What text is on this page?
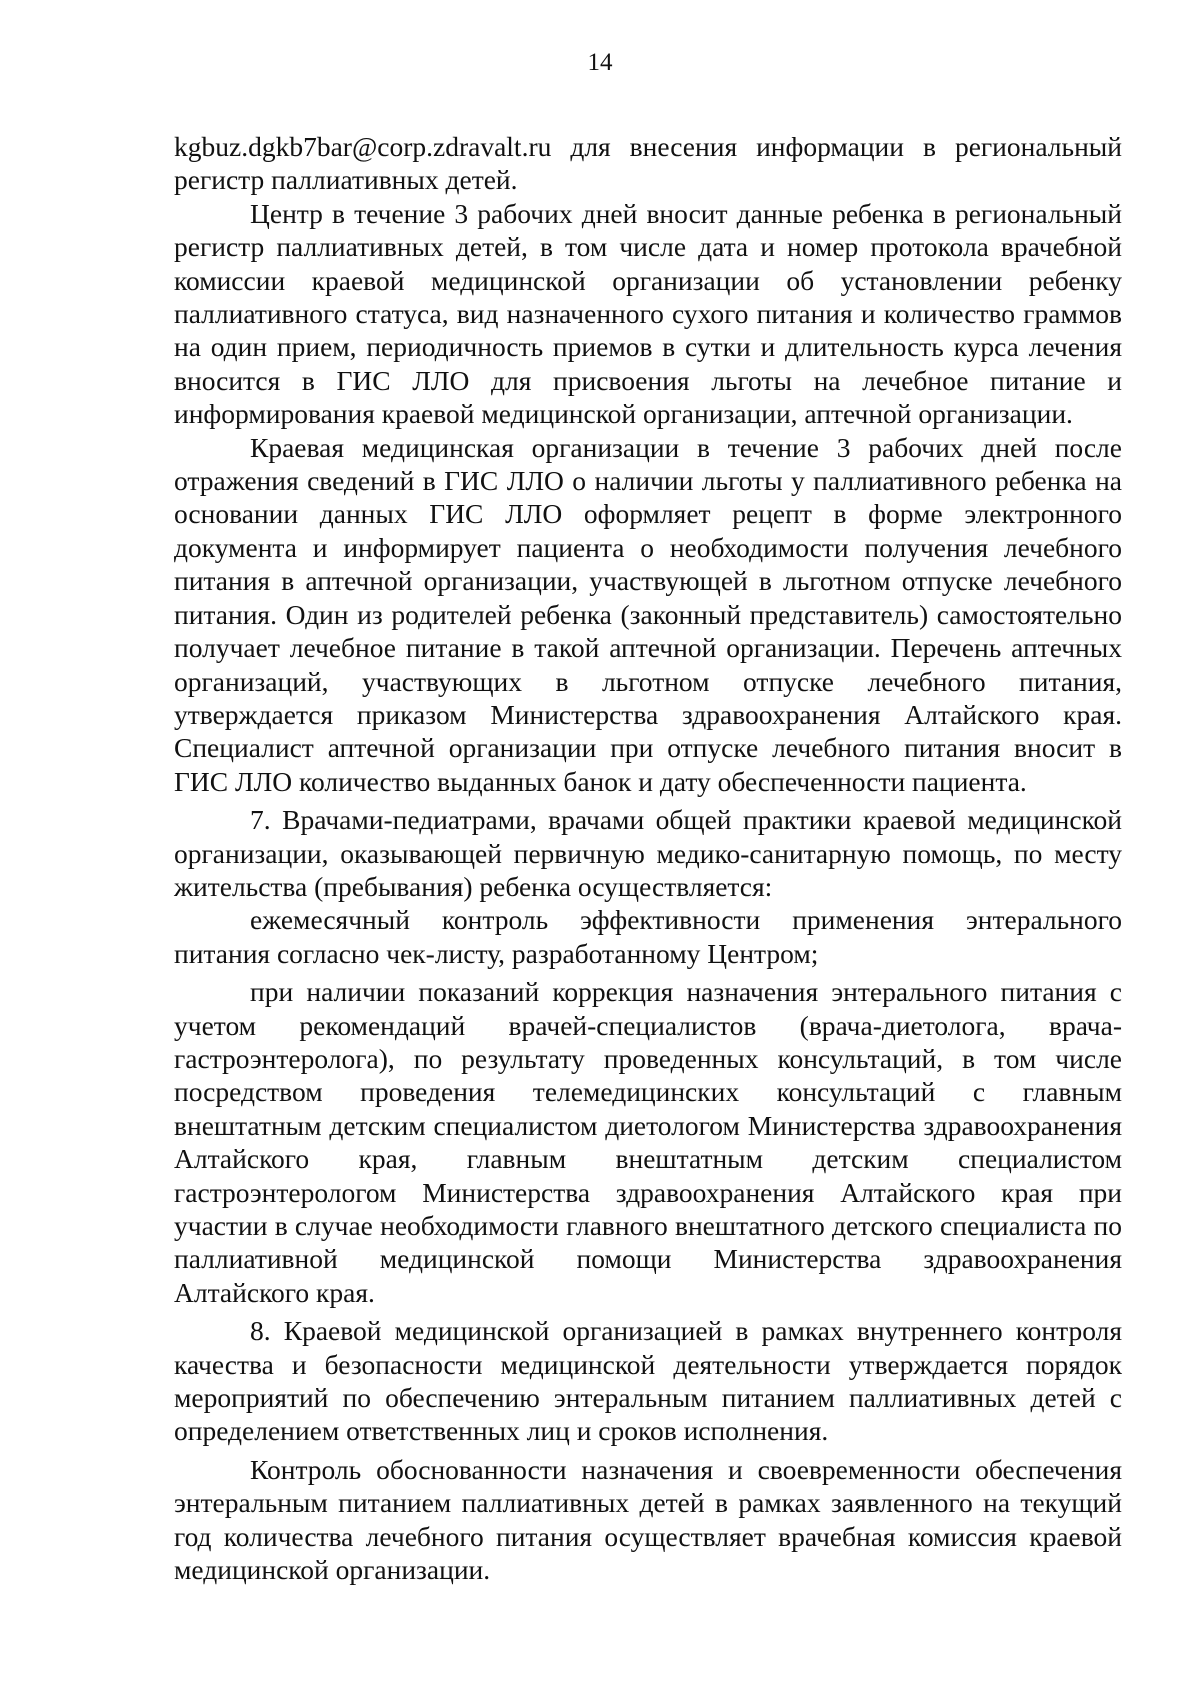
14

kgbuz.dgkb7bar@corp.zdravalt.ru для внесения информации в региональный регистр паллиативных детей.

Центр в течение 3 рабочих дней вносит данные ребенка в региональный регистр паллиативных детей, в том числе дата и номер протокола врачебной комиссии краевой медицинской организации об установлении ребенку паллиативного статуса, вид назначенного сухого питания и количество граммов на один прием, периодичность приемов в сутки и длительность курса лечения вносится в ГИС ЛЛО для присвоения льготы на лечебное питание и информирования краевой медицинской организации, аптечной организации.

Краевая медицинская организации в течение 3 рабочих дней после отражения сведений в ГИС ЛЛО о наличии льготы у паллиативного ребенка на основании данных ГИС ЛЛО оформляет рецепт в форме электронного документа и информирует пациента о необходимости получения лечебного питания в аптечной организации, участвующей в льготном отпуске лечебного питания. Один из родителей ребенка (законный представитель) самостоятельно получает лечебное питание в такой аптечной организации. Перечень аптечных организаций, участвующих в льготном отпуске лечебного питания, утверждается приказом Министерства здравоохранения Алтайского края. Специалист аптечной организации при отпуске лечебного питания вносит в ГИС ЛЛО количество выданных банок и дату обеспеченности пациента.

7. Врачами-педиатрами, врачами общей практики краевой медицинской организации, оказывающей первичную медико-санитарную помощь, по месту жительства (пребывания) ребенка осуществляется:

ежемесячный контроль эффективности применения энтерального питания согласно чек-листу, разработанному Центром;

при наличии показаний коррекция назначения энтерального питания с учетом рекомендаций врачей-специалистов (врача-диетолога, врача-гастроэнтеролога), по результату проведенных консультаций, в том числе посредством проведения телемедицинских консультаций с главным внештатным детским специалистом диетологом Министерства здравоохранения Алтайского края, главным внештатным детским специалистом гастроэнтерологом Министерства здравоохранения Алтайского края при участии в случае необходимости главного внештатного детского специалиста по паллиативной медицинской помощи Министерства здравоохранения Алтайского края.

8. Краевой медицинской организацией в рамках внутреннего контроля качества и безопасности медицинской деятельности утверждается порядок мероприятий по обеспечению энтеральным питанием паллиативных детей с определением ответственных лиц и сроков исполнения.

Контроль обоснованности назначения и своевременности обеспечения энтеральным питанием паллиативных детей в рамках заявленного на текущий год количества лечебного питания осуществляет врачебная комиссия краевой медицинской организации.
